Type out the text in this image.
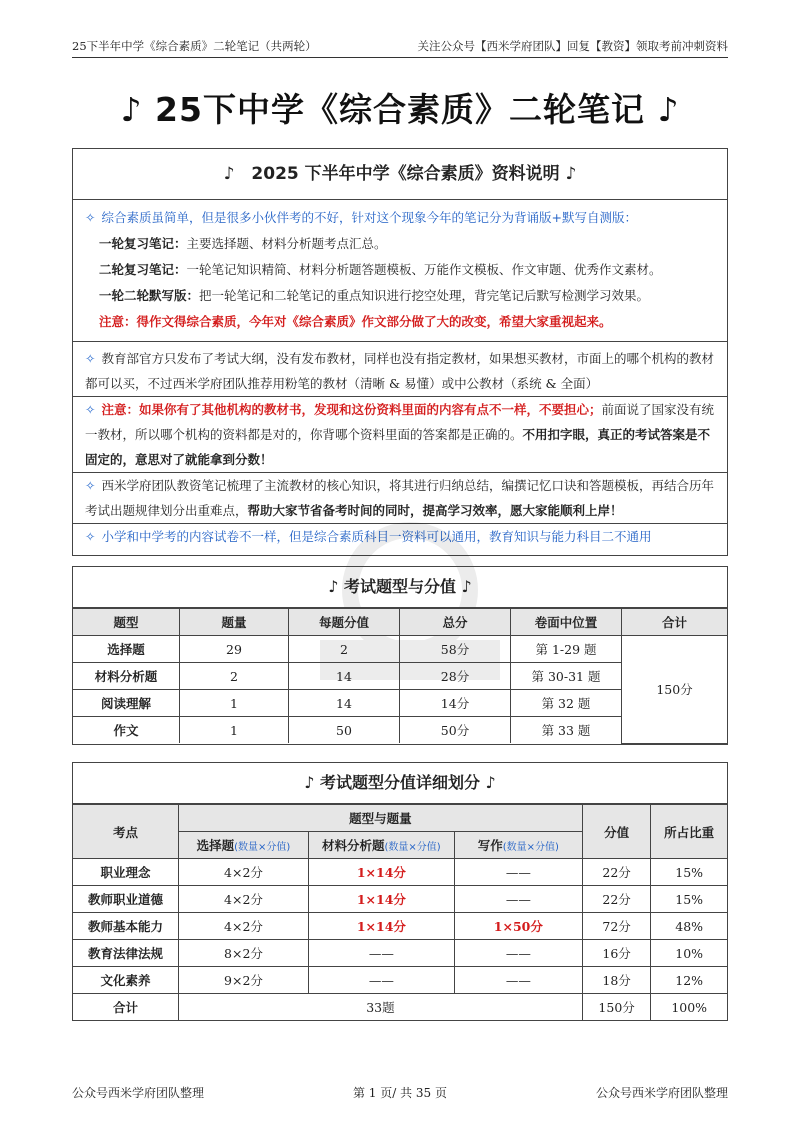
25下半年中学《综合素质》二轮笔记（共两轮）	关注公众号【西米学府团队】回复【教资】领取考前冲刺资料
♪ 25下中学《综合素质》二轮笔记 ♪
♪　2025 下半年中学《综合素质》资料说明 ♪
✧ 综合素质虽简单，但是很多小伙伴考的不好，针对这个现象今年的笔记分为背诵版+默写自测版：
一轮复习笔记：主要选择题、材料分析题考点汇总。
二轮复习笔记：一轮笔记知识精简、材料分析题答题模板、万能作文模板、作文审题、优秀作文素材。
一轮二轮默写版：把一轮笔记和二轮笔记的重点知识进行挖空处理，背完笔记后默写检测学习效果。
注意：得作文得综合素质，今年对《综合素质》作文部分做了大的改变，希望大家重视起来。
✧ 教育部官方只发布了考试大纲，没有发布教材，同样也没有指定教材，如果想买教材，市面上的哪个机构的教材都可以买，不过西米学府团队推荐用粉笔的教材（清晰 & 易懂）或中公教材（系统 & 全面）
✧ 注意：如果你有了其他机构的教材书，发现和这份资料里面的内容有点不一样，不要担心；前面说了国家没有统一教材，所以哪个机构的资料都是对的，你背哪个资料里面的答案都是正确的。不用扣字眼，真正的考试答案是不固定的，意思对了就能拿到分数！
✧ 西米学府团队教资笔记梳理了主流教材的核心知识，将其进行归纳总结，编撰记忆口诀和答题模板，再结合历年考试出题规律划分出重难点，帮助大家节省备考时间的同时，提高学习效率，愿大家能顺利上岸！
✧ 小学和中学考的内容试卷不一样，但是综合素质科目一资料可以通用，教育知识与能力科目二不通用
♪ 考试题型与分值 ♪
题型	题量	每题分值	总分	卷面中位置	合计
选择题	29	2	58分	第 1-29 题	150分
材料分析题	2	14	28分	第 30-31 题	
阅读理解	1	14	14分	第 32 题	
作文	1	50	50分	第 33 题	
♪ 考试题型分值详细划分 ♪
考点	题型与题量			分值	所占比重
	选择题(数量×分值)	材料分析题(数量×分值)	写作(数量×分值)		
职业理念	4×2分	1×14分	——	22分	15%
教师职业道德	4×2分	1×14分	——	22分	15%
教师基本能力	4×2分	1×14分	1×50分	72分	48%
教育法律法规	8×2分	——	——	16分	10%
文化素养	9×2分	——	——	18分	12%
合计	33题			150分	100%
公众号西米学府团队整理	第 1 页/ 共 35 页	公众号西米学府团队整理
